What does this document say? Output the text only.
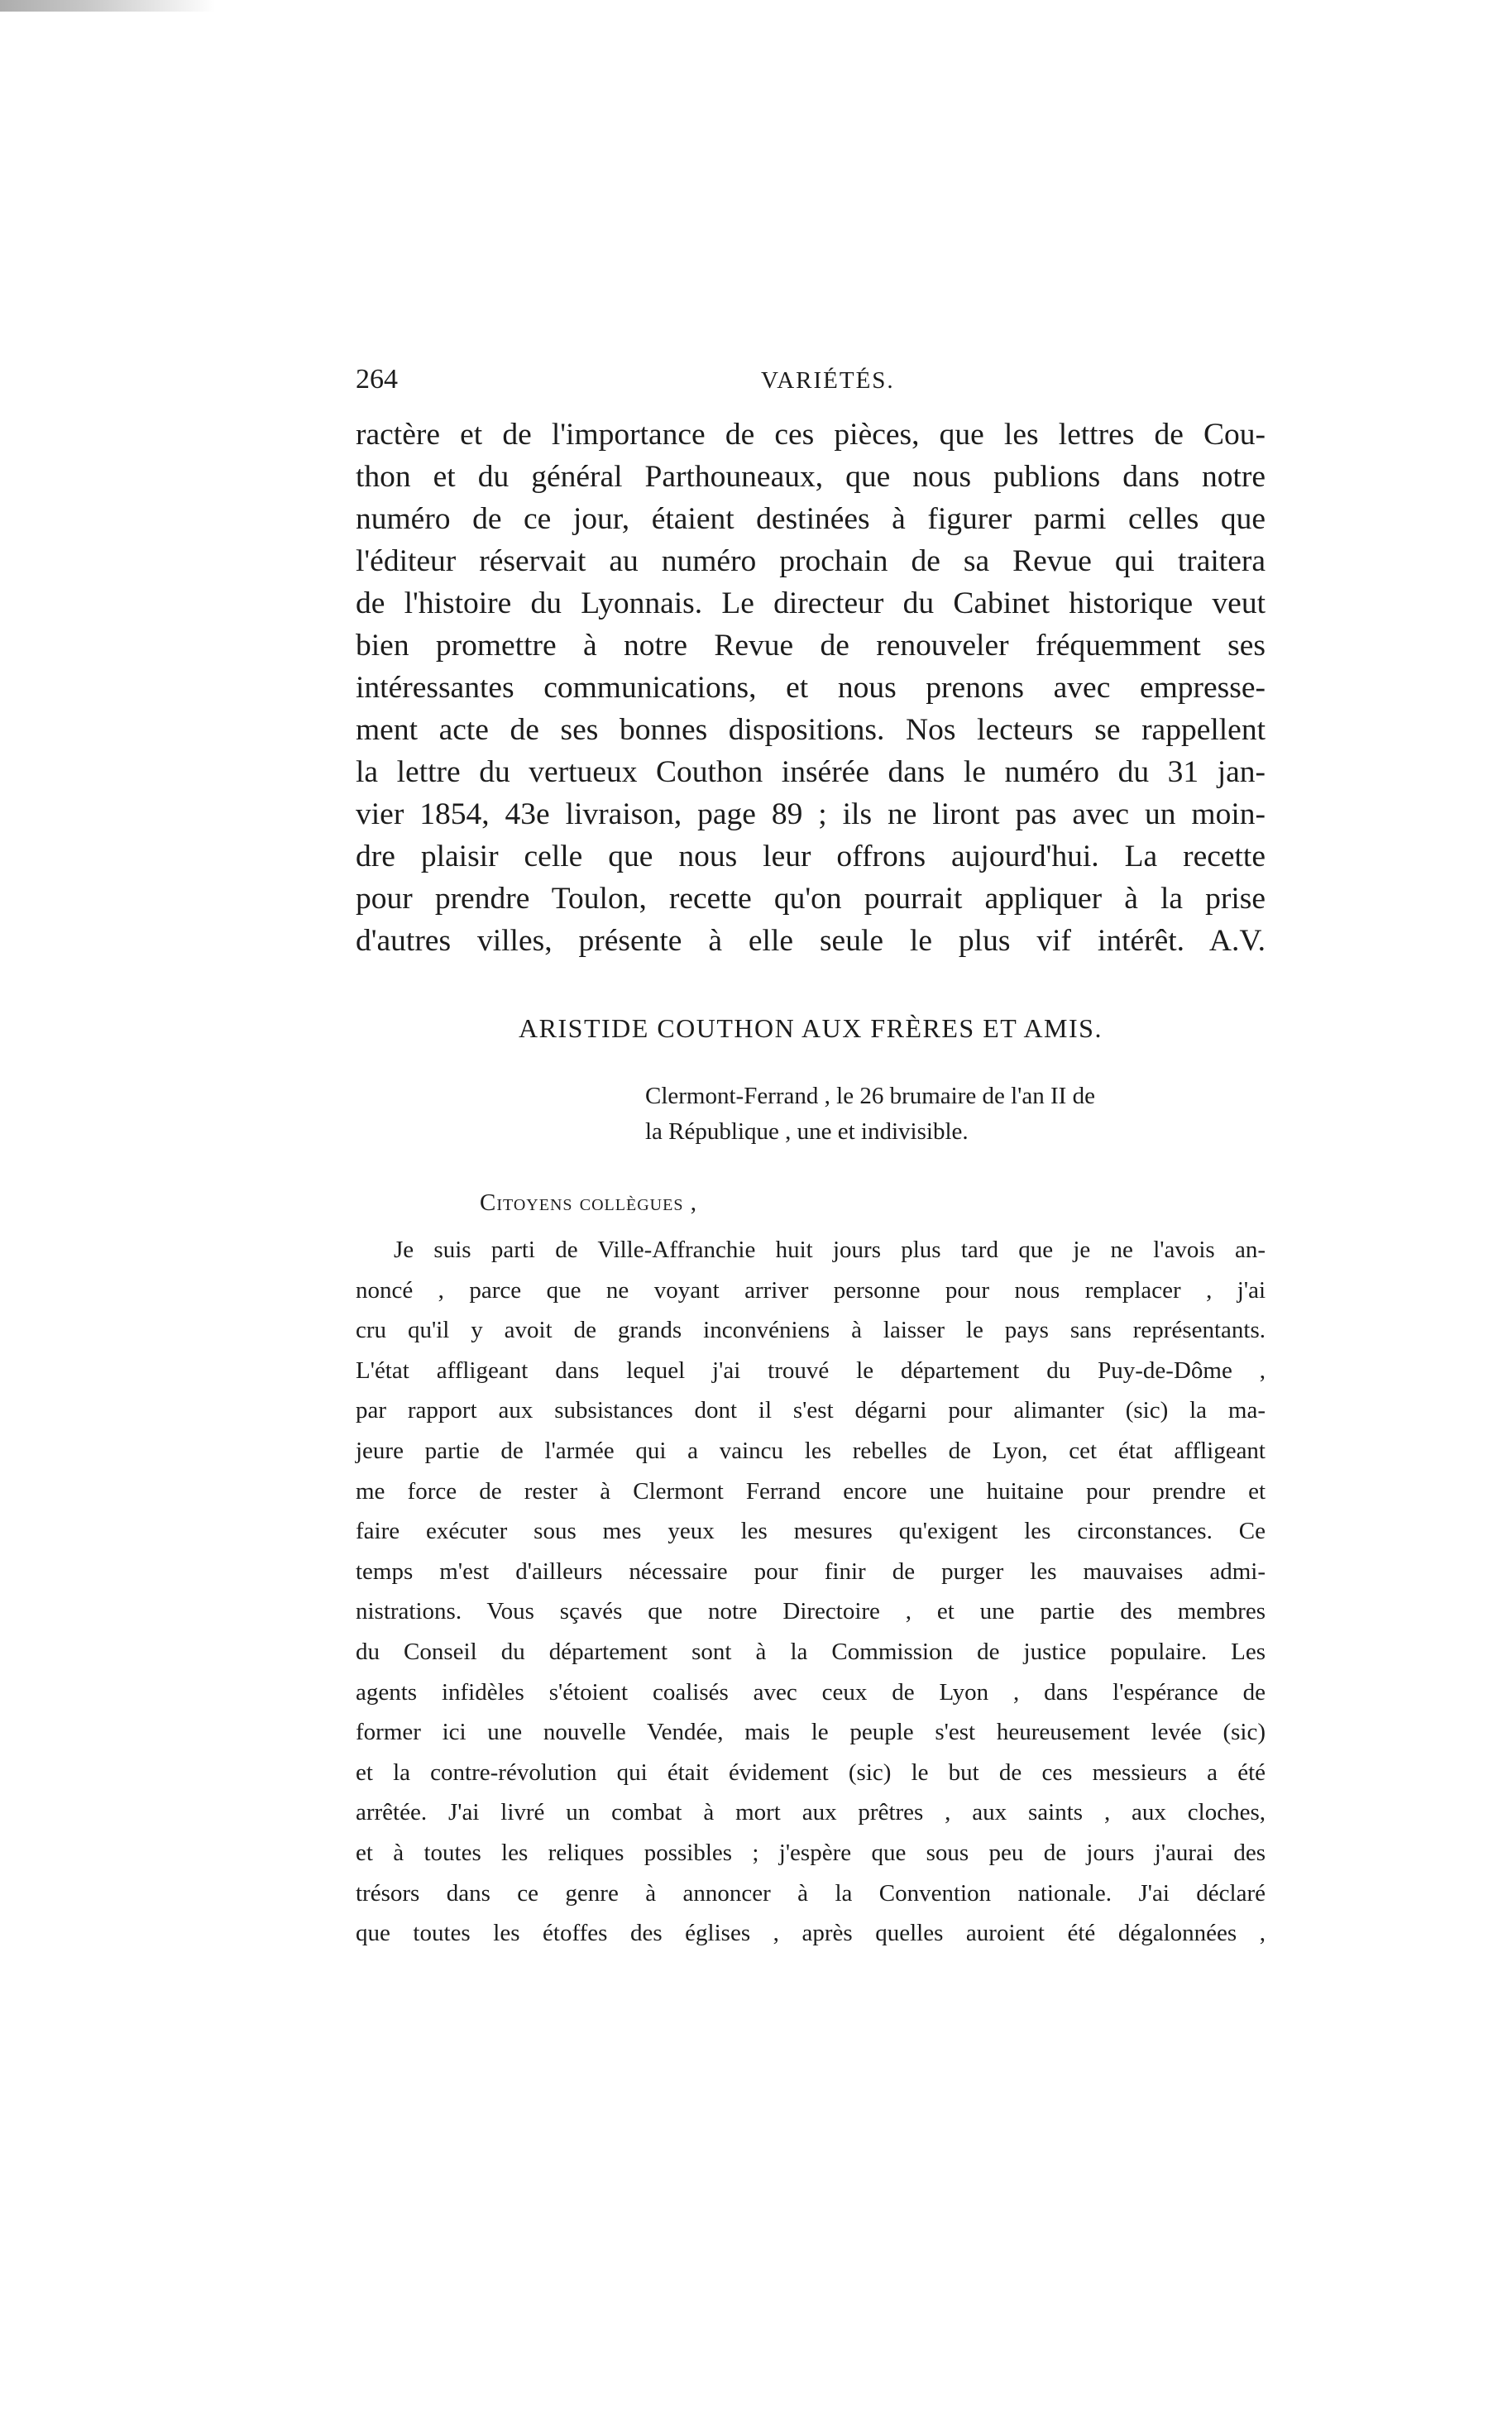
264	VARIÉTÉS.

ractère et de l'importance de ces pièces, que les lettres de Cou-

thon et du général Parthouneaux, que nous publions dans notre

numéro de ce jour, étaient destinées à figurer parmi celles que

l'éditeur réservait au numéro prochain de sa Revue qui traitera

de l'histoire du Lyonnais. Le directeur du Cabinet historique veut

bien promettre à notre Revue de renouveler fréquemment ses

intéressantes communications, et nous prenons avec empresse-

ment acte de ses bonnes dispositions. Nos lecteurs se rappellent

la lettre du vertueux Couthon insérée dans le numéro du 31 jan-

vier 1854, 43e livraison, page 89 ; ils ne liront pas avec un moin-

dre plaisir celle que nous leur offrons aujourd'hui. La recette

pour prendre Toulon, recette qu'on pourrait appliquer à la prise

d'autres villes, présente à elle seule le plus vif intérêt. A.V.

ARISTIDE COUTHON AUX FRÈRES ET AMIS.
Clermont-Ferrand , le 26 brumaire de l'an II de
la République , une et indivisible.
Citoyens collègues ,

Je suis parti de Ville-Affranchie huit jours plus tard que je ne l'avois an-

noncé , parce que ne voyant arriver personne pour nous remplacer , j'ai

cru qu'il y avoit de grands inconvéniens à laisser le pays sans représentants.

L'état affligeant dans lequel j'ai trouvé le département du Puy-de-Dôme ,

par rapport aux subsistances dont il s'est dégarni pour alimanter (sic) la ma-

jeure partie de l'armée qui a vaincu les rebelles de Lyon, cet état affligeant

me force de rester à Clermont Ferrand encore une huitaine pour prendre et

faire exécuter sous mes yeux les mesures qu'exigent les circonstances. Ce

temps m'est d'ailleurs nécessaire pour finir de purger les mauvaises admi-

nistrations. Vous sçavés que notre Directoire , et une partie des membres

du Conseil du département sont à la Commission de justice populaire. Les

agents infidèles s'étoient coalisés avec ceux de Lyon , dans l'espérance de

former ici une nouvelle Vendée, mais le peuple s'est heureusement levée (sic)

et la contre-révolution qui était évidement (sic) le but de ces messieurs a été

arrêtée. J'ai livré un combat à mort aux prêtres , aux saints , aux cloches,

et à toutes les reliques possibles ; j'espère que sous peu de jours j'aurai des

trésors dans ce genre à annoncer à la Convention nationale. J'ai déclaré

que toutes les étoffes des églises , après quelles auroient été dégalonnées ,
